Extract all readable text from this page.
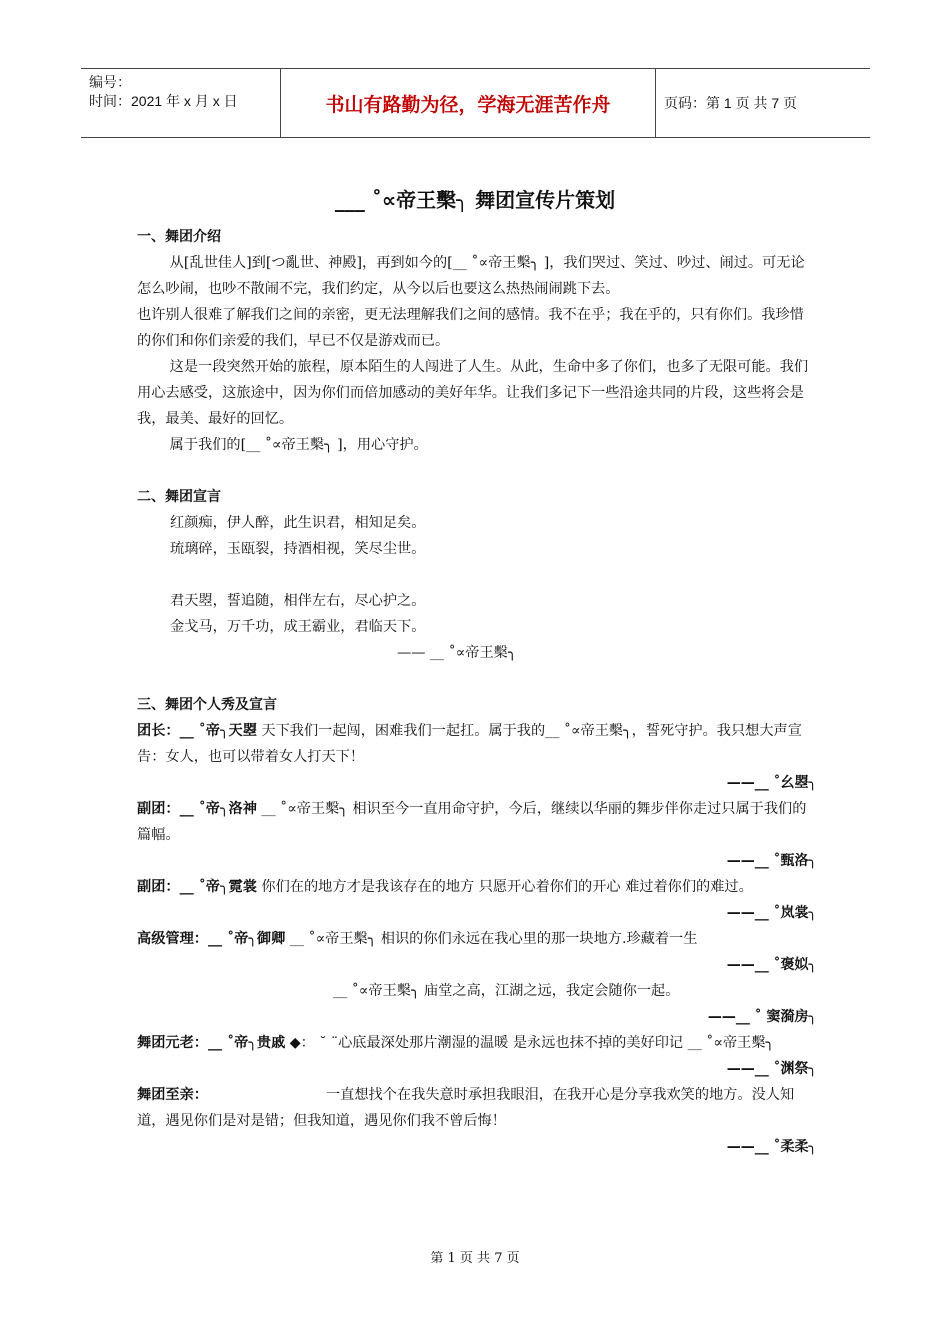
编号：
时间：2021 年 x 月 x 日	书山有路勤为径，学海无涯苦作舟	页码：第 1 页 共 7 页
___ ˚∝帝王檕╮ 舞团宣传片策划

一、舞团介绍

从[乱世佳人]到[つ亂世、神殿]，再到如今的[__ ˚∝帝王檕╮ ]，我们哭过、笑过、吵过、闹过。可无论怎么吵闹，也吵不散闹不完，我们约定，从今以后也要这么热热闹闹跳下去。

也许别人很难了解我们之间的亲密，更无法理解我们之间的感情。我不在乎；我在乎的，只有你们。我珍惜的你们和你们亲爱的我们，早已不仅是游戏而已。

这是一段突然开始的旅程，原本陌生的人闯进了人生。从此，生命中多了你们，也多了无限可能。我们用心去感受，这旅途中，因为你们而倍加感动的美好年华。让我们多记下一些沿途共同的片段，这些将会是我，最美、最好的回忆。

属于我们的[__ ˚∝帝王檕╮ ]，用心守护。

二、舞团宣言

红颜痴，伊人醉，此生识君，相知足矣。

琉璃碎，玉瓯裂，持酒相视，笑尽尘世。

君天曌，誓追随，相伴左右，尽心护之。

金戈马，万千功，成王霸业，君临天下。

—— __ ˚∝帝王檕╮

三、舞团个人秀及宣言

团长：__ ˚帝╮天曌 天下我们一起闯，困难我们一起扛。属于我的__ ˚∝帝王檕╮，誓死守护。我只想大声宣告：女人，也可以带着女人打天下！

——__ ˚幺曌╮

副团：__ ˚帝╮洛神 __ ˚∝帝王檕╮ 相识至今一直用命守护，今后，继续以华丽的舞步伴你走过只属于我们的篇幅。

——__ ˚甄洛╮

副团：__ ˚帝╮霓裳 你们在的地方才是我该存在的地方 只愿开心着你们的开心 难过着你们的难过。

——__ ˚岚裳╮

高级管理：__ ˚帝╮御卿 __ ˚∝帝王檕╮ 相识的你们永远在我心里的那一块地方.珍藏着一生

——__ ˚褒姒╮

__ ˚∝帝王檕╮ 庙堂之高，江湖之远，我定会随你一起。

——__ ˚ 窦漪房╮

舞团元老：__ ˚帝╮贵戚 ◆： ˘ ¨心底最深处那片潮湿的温暖 是永远也抹不掉的美好印记 __ ˚∝帝王檕╮

——__ ˚渊祭╮

舞团至亲：	一直想找个在我失意时承担我眼泪，在我开心是分享我欢笑的地方。没人知道，遇见你们是对是错；但我知道，遇见你们我不曾后悔！

——__ ˚柔柔╮

第 1 页 共 7 页
